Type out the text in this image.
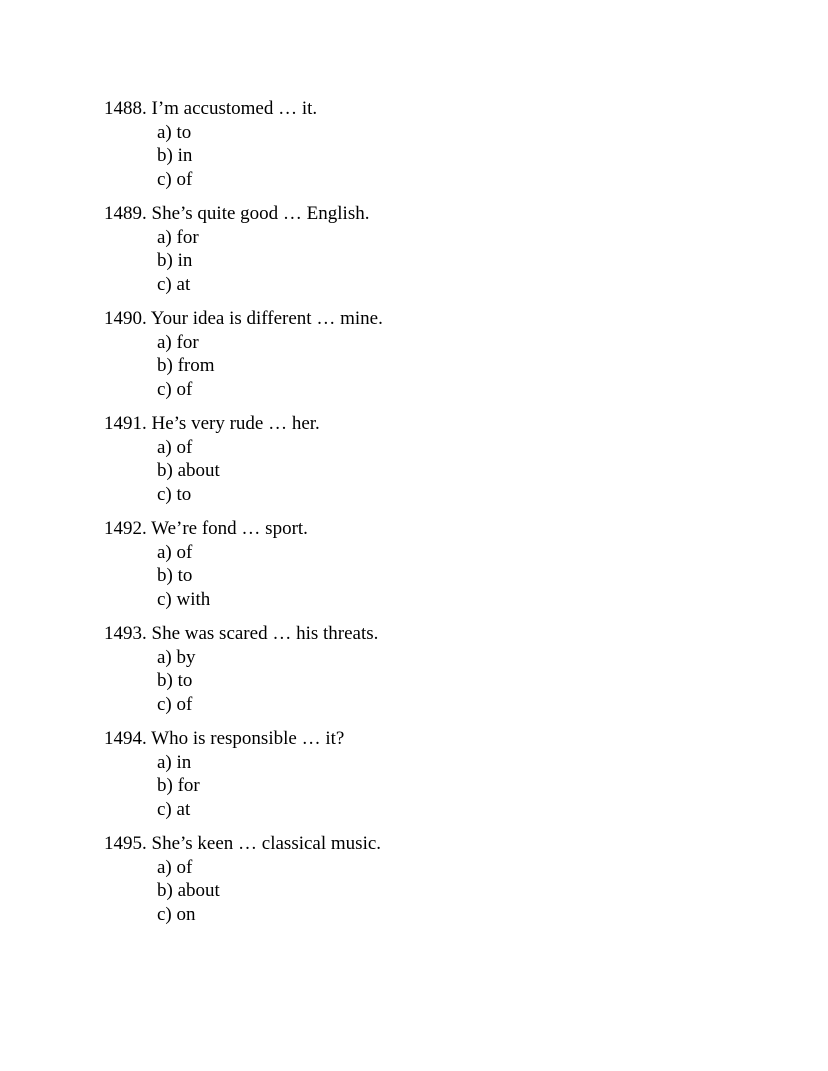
1488. I’m accustomed … it.
a) to
b) in
c) of
1489. She’s quite good … English.
a) for
b) in
c) at
1490. Your idea is different … mine.
a) for
b) from
c) of
1491. He’s very rude … her.
a) of
b) about
c) to
1492. We’re fond … sport.
a) of
b) to
c) with
1493. She was scared … his threats.
a) by
b) to
c) of
1494. Who is responsible … it?
a) in
b) for
c) at
1495. She’s keen … classical music.
a) of
b) about
c) on
